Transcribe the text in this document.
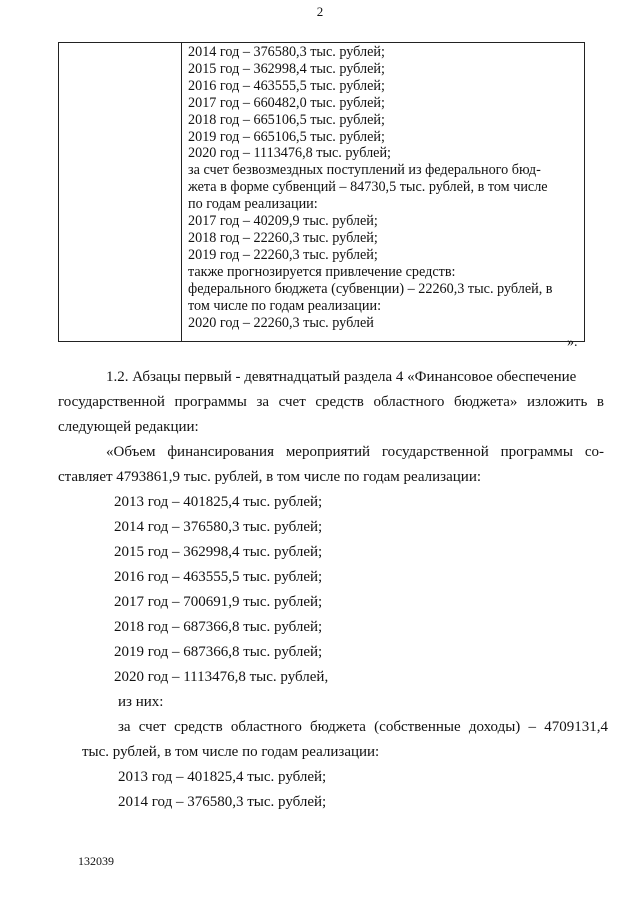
2

2014 год – 376580,3 тыс. рублей;
2015 год – 362998,4 тыс. рублей;
2016 год – 463555,5 тыс. рублей;
2017 год – 660482,0 тыс. рублей;
2018 год – 665106,5 тыс. рублей;
2019 год – 665106,5 тыс. рублей;
2020 год – 1113476,8 тыс. рублей;
за счет безвозмездных поступлений из федерального бюд-
жета в форме субвенций – 84730,5 тыс. рублей, в том числе
по годам реализации:
2017 год – 40209,9 тыс. рублей;
2018 год – 22260,3 тыс. рублей;
2019 год – 22260,3 тыс. рублей;
также прогнозируется привлечение средств:
федерального бюджета (субвенции) – 22260,3 тыс. рублей, в
том числе по годам реализации:
2020 год – 22260,3 тыс. рублей
».
1.2. Абзацы первый - девятнадцатый раздела 4 «Финансовое обеспечение
государственной программы за счет средств областного бюджета» изложить в
следующей редакции:
«Объем финансирования мероприятий государственной программы со-
ставляет 4793861,9 тыс. рублей, в том числе по годам реализации:
2013 год – 401825,4 тыс. рублей;
2014 год – 376580,3 тыс. рублей;
2015 год – 362998,4 тыс. рублей;
2016 год – 463555,5 тыс. рублей;
2017 год – 700691,9 тыс. рублей;
2018 год – 687366,8 тыс. рублей;
2019 год – 687366,8 тыс. рублей;
2020 год – 1113476,8 тыс. рублей,
из них:
за счет средств областного бюджета (собственные доходы) – 4709131,4
тыс. рублей, в том числе по годам реализации:
2013 год – 401825,4 тыс. рублей;
2014 год – 376580,3 тыс. рублей;
132039
